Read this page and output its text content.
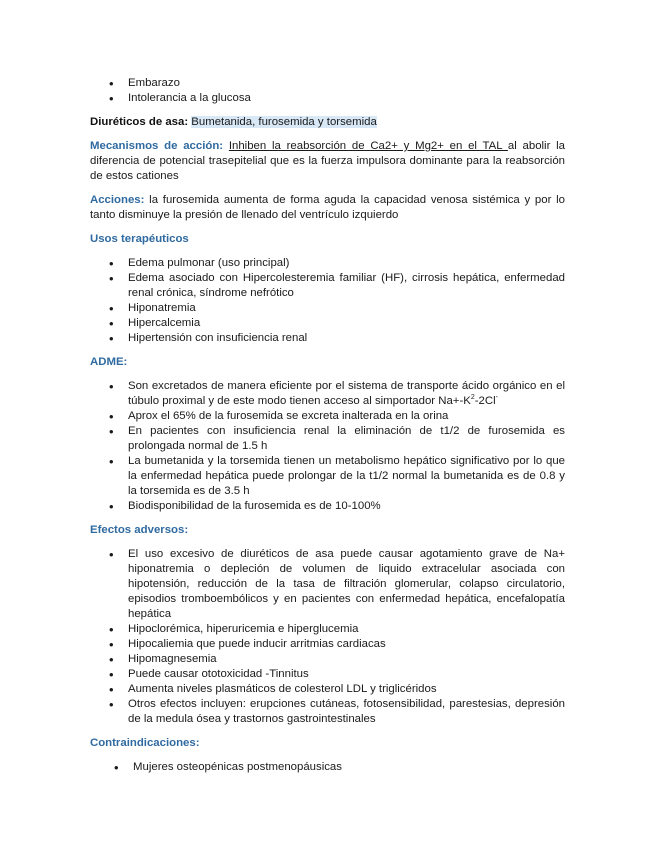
• Embarazo
• Intolerancia a la glucosa

Diuréticos de asa: Bumetanida, furosemida y torsemida

Mecanismos de acción: Inhiben la reabsorción de Ca2+ y Mg2+ en el TAL al abolir la diferencia de potencial trasepitelial que es la fuerza impulsora dominante para la reabsorción de estos cationes

Acciones: la furosemida aumenta de forma aguda la capacidad venosa sistémica y por lo tanto disminuye la presión de llenado del ventrículo izquierdo

Usos terapéuticos

• Edema pulmonar (uso principal)
• Edema asociado con Hipercolesteremia familiar (HF), cirrosis hepática, enfermedad renal crónica, síndrome nefrótico
• Hiponatremia
• Hipercalcemia
• Hipertensión con insuficiencia renal

ADME:

• Son excretados de manera eficiente por el sistema de transporte ácido orgánico en el túbulo proximal y de este modo tienen acceso al simportador $Na+-K^2-2Cl^-$
• Aprox el 65% de la furosemida se excreta inalterada en la orina
• En pacientes con insuficiencia renal la eliminación de t1/2 de furosemida es prolongada normal de 1.5 h
• La bumetanida y la torsemida tienen un metabolismo hepático significativo por lo que la enfermedad hepática puede prolongar de la t1/2 normal la bumetanida es de 0.8 y la torsemida es de 3.5 h
• Biodisponibilidad de la furosemida es de 10-100%

Efectos adversos:

• El uso excesivo de diuréticos de asa puede causar agotamiento grave de Na+ hiponatremia o depleción de volumen de liquido extracelular asociada con hipotensión, reducción de la tasa de filtración glomerular, colapso circulatorio, episodios tromboembólicos y en pacientes con enfermedad hepática, encefalopatía hepática
• Hipoclorémica, hiperuricemia e hiperglucemia
• Hipocaliemia que puede inducir arritmias cardiacas
• Hipomagnesemia
• Puede causar ototoxicidad -Tinnitus
• Aumenta niveles plasmáticos de colesterol LDL y triglicéridos
• Otros efectos incluyen: erupciones cutáneas, fotosensibilidad, parestesias, depresión de la medula ósea y trastornos gastrointestinales

Contraindicaciones:

• Mujeres osteopénicas postmenopáusicas
